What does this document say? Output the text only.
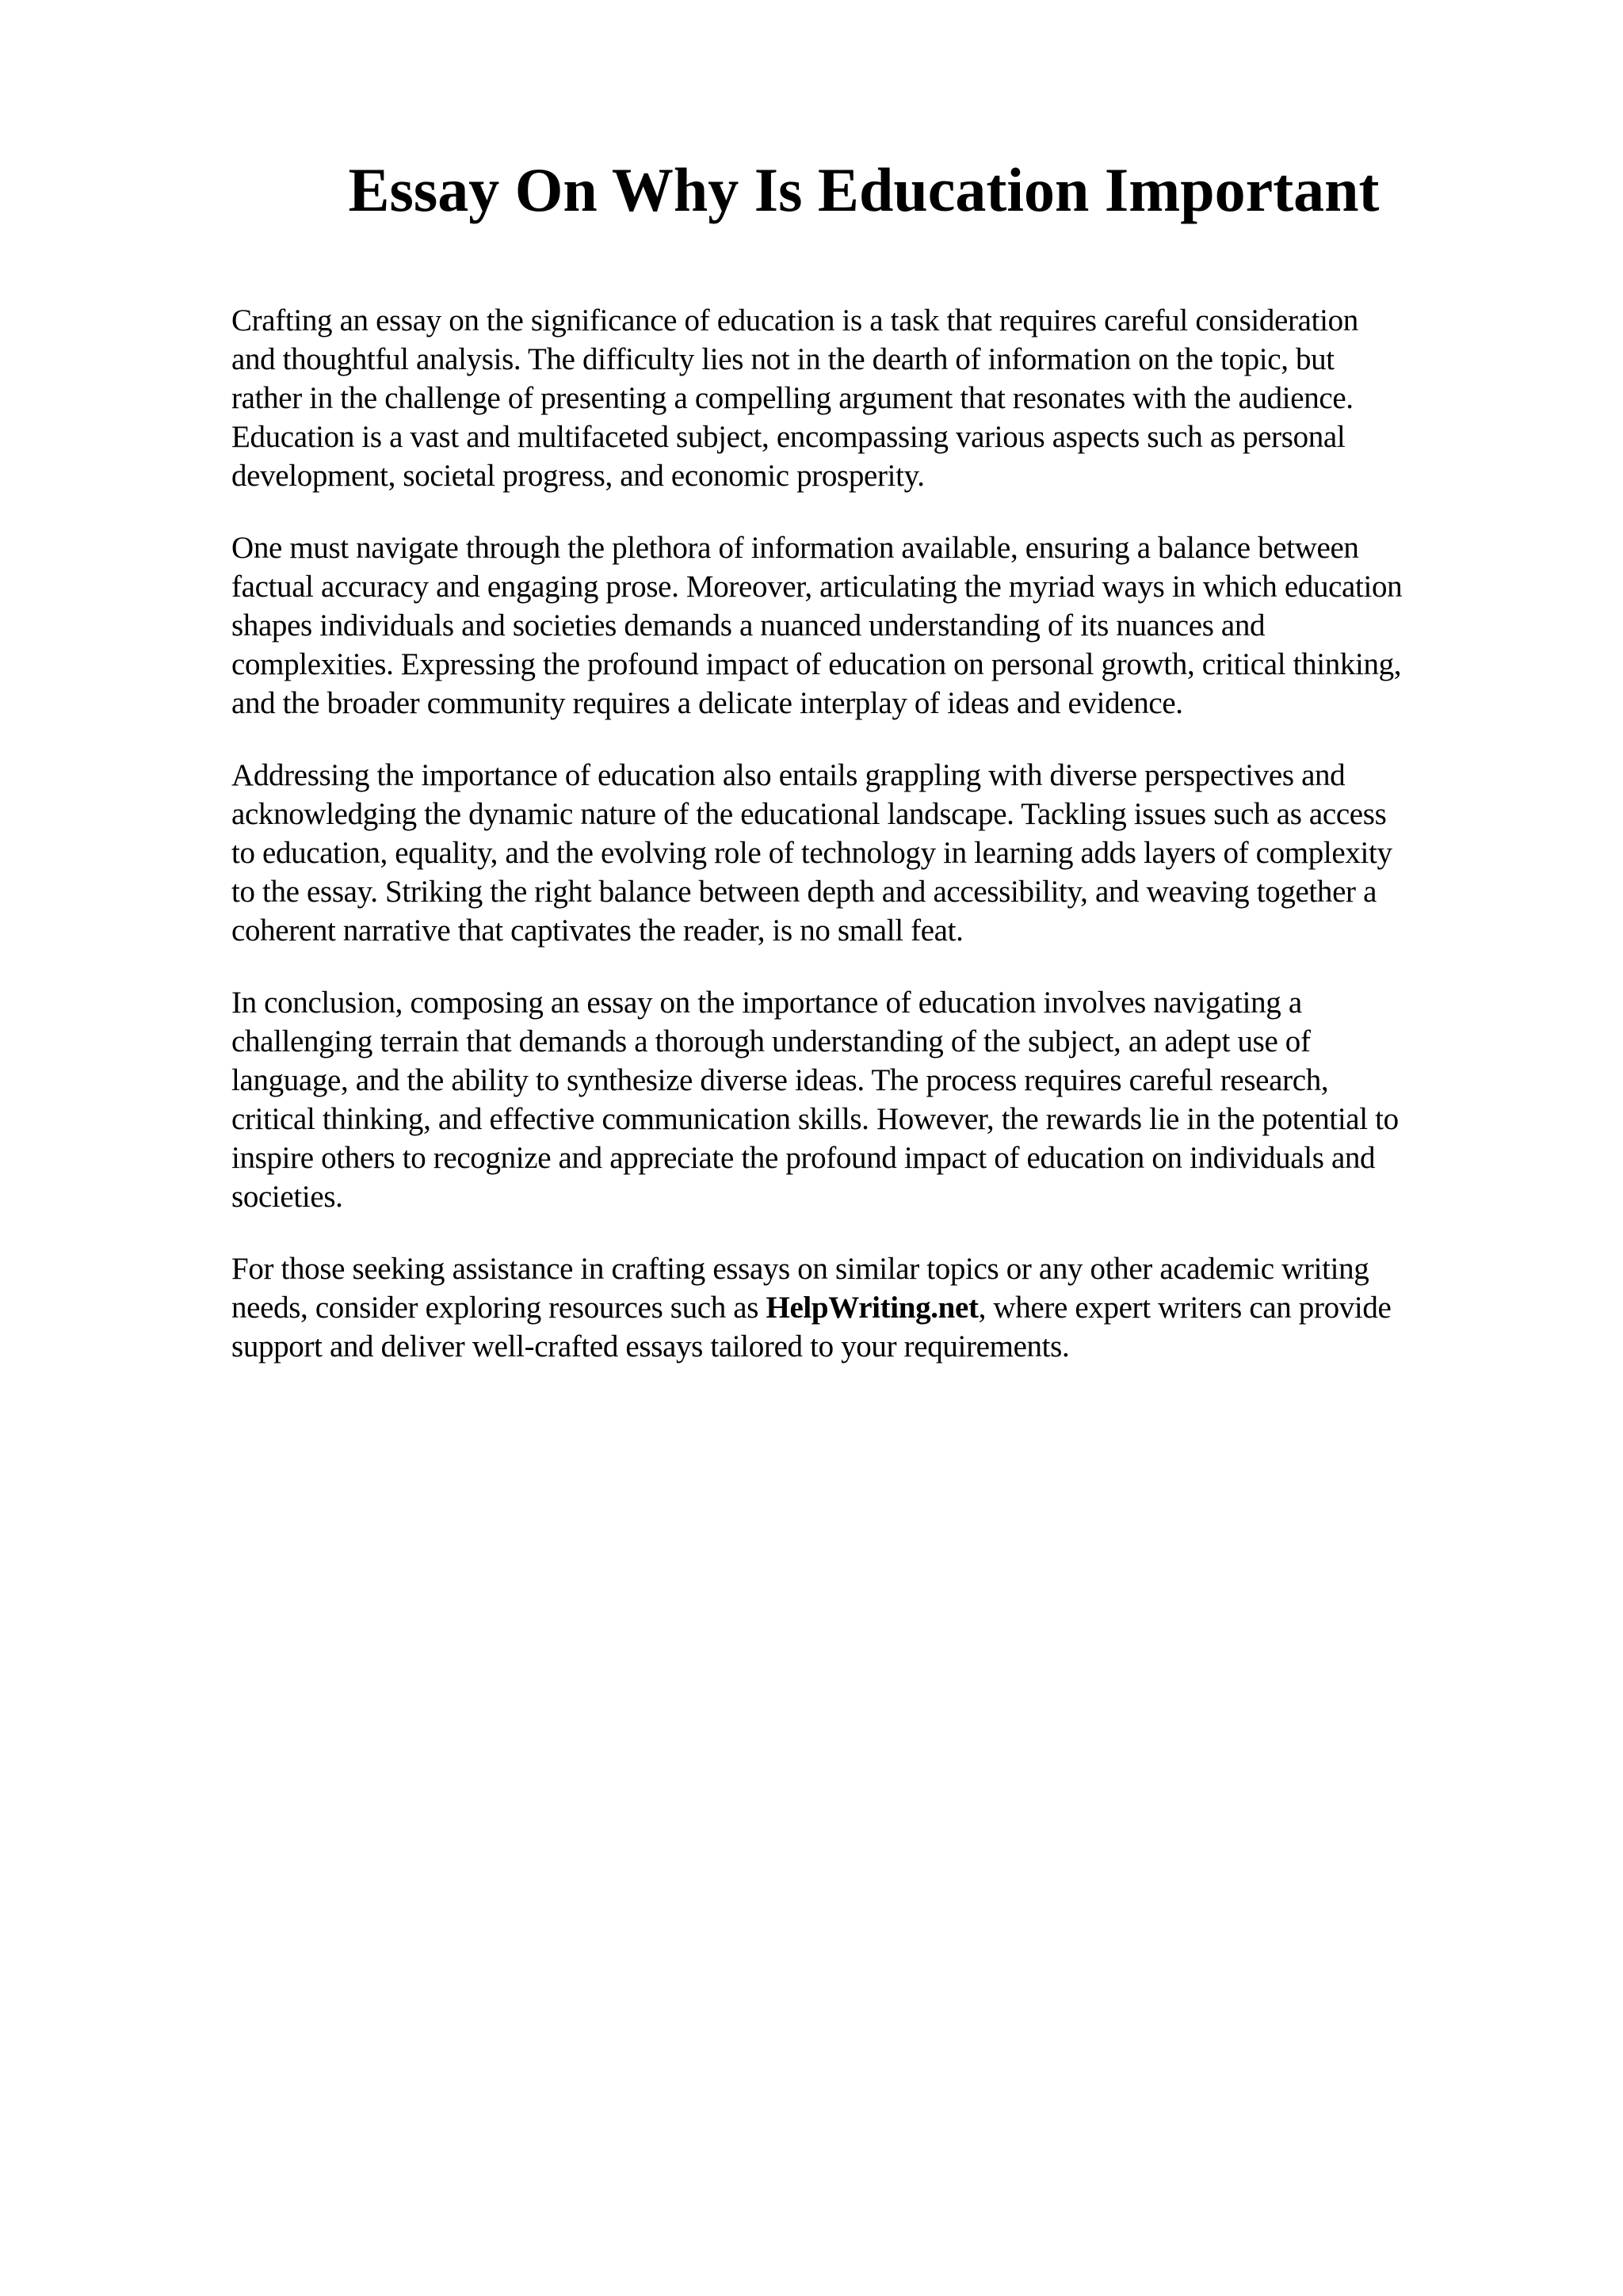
Essay On Why Is Education Important

Crafting an essay on the significance of education is a task that requires careful consideration
and thoughtful analysis. The difficulty lies not in the dearth of information on the topic, but
rather in the challenge of presenting a compelling argument that resonates with the audience.
Education is a vast and multifaceted subject, encompassing various aspects such as personal
development, societal progress, and economic prosperity.

One must navigate through the plethora of information available, ensuring a balance between
factual accuracy and engaging prose. Moreover, articulating the myriad ways in which education
shapes individuals and societies demands a nuanced understanding of its nuances and
complexities. Expressing the profound impact of education on personal growth, critical thinking,
and the broader community requires a delicate interplay of ideas and evidence.

Addressing the importance of education also entails grappling with diverse perspectives and
acknowledging the dynamic nature of the educational landscape. Tackling issues such as access
to education, equality, and the evolving role of technology in learning adds layers of complexity
to the essay. Striking the right balance between depth and accessibility, and weaving together a
coherent narrative that captivates the reader, is no small feat.

In conclusion, composing an essay on the importance of education involves navigating a
challenging terrain that demands a thorough understanding of the subject, an adept use of
language, and the ability to synthesize diverse ideas. The process requires careful research,
critical thinking, and effective communication skills. However, the rewards lie in the potential to
inspire others to recognize and appreciate the profound impact of education on individuals and
societies.

For those seeking assistance in crafting essays on similar topics or any other academic writing
needs, consider exploring resources such as HelpWriting.net, where expert writers can provide
support and deliver well-crafted essays tailored to your requirements.
